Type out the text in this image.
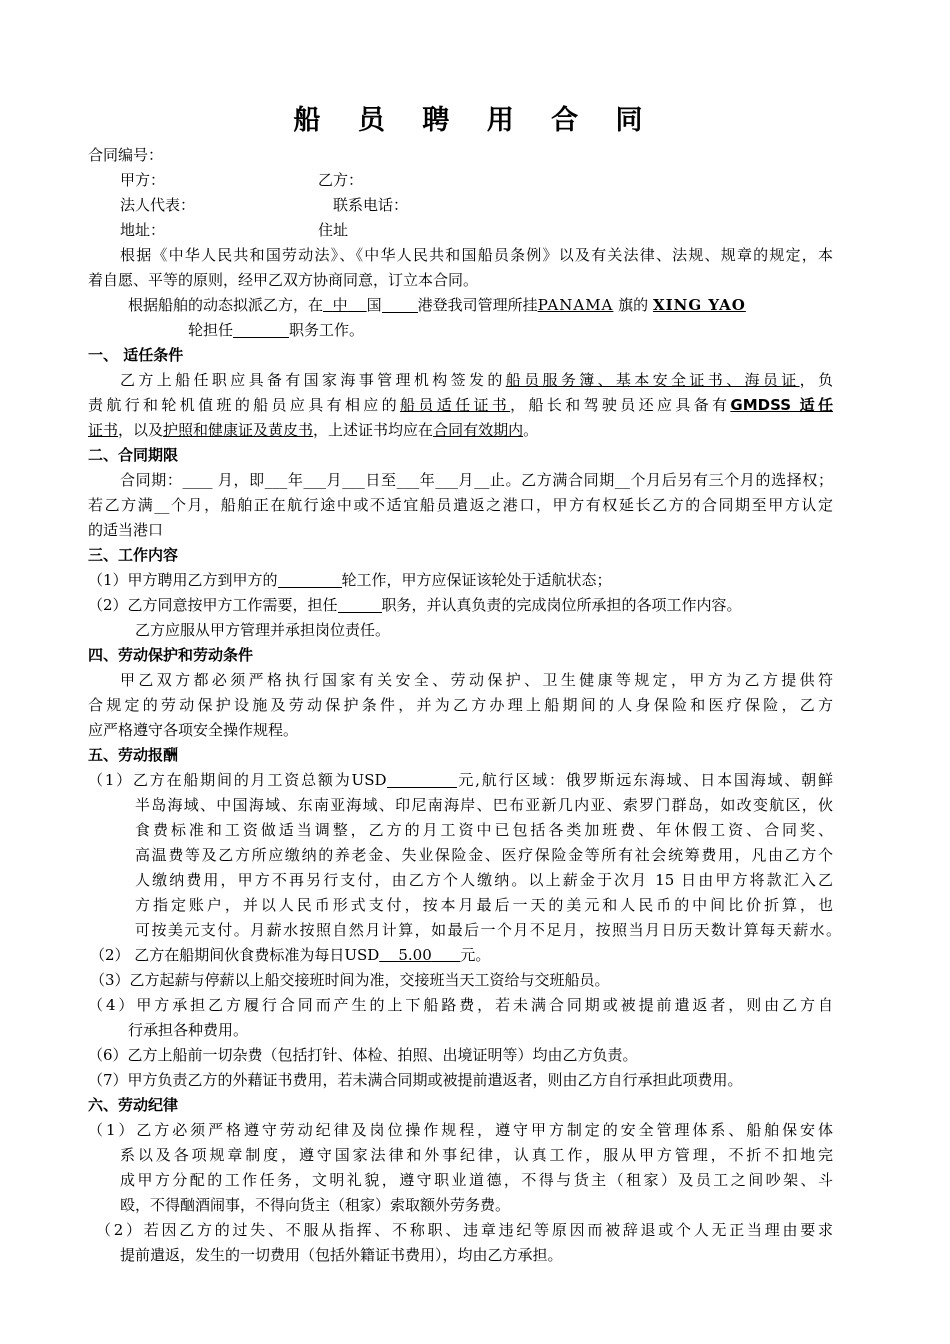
船 员 聘 用 合 同
合同编号：
甲方：	乙方：
法人代表：	联系电话：
地址：	住址
根据《中华人民共和国劳动法》、《中华人民共和国船员条例》以及有关法律、法规、规章的规定，本
着自愿、平等的原则，经甲乙双方协商同意，订立本合同。
根据船舶的动态拟派乙方，在 中 国 港登我司管理所挂PANAMA 旗的 XING YAO
轮担任	职务工作。
一、 适任条件
乙方上船任职应具备有国家海事管理机构签发的船员服务簿、基本安全证书、海员证，负
责航行和轮机值班的船员应具有相应的船员适任证书，船长和驾驶员还应具备有GMDSS 适任
证书，以及护照和健康证及黄皮书，上述证书均应在合同有效期内。
二、合同期限
合同期：____ 月，即___年___月___日至___年___月__止。乙方满合同期__个月后另有三个月的选择权；
若乙方满__个月，船舶正在航行途中或不适宜船员遣返之港口，甲方有权延长乙方的合同期至甲方认定
的适当港口
三、工作内容
（1）甲方聘用乙方到甲方的	轮工作，甲方应保证该轮处于适航状态；
（2）乙方同意按甲方工作需要，担任	职务，并认真负责的完成岗位所承担的各项工作内容。
乙方应服从甲方管理并承担岗位责任。
四、劳动保护和劳动条件
甲乙双方都必须严格执行国家有关安全、劳动保护、卫生健康等规定，甲方为乙方提供符
合规定的劳动保护设施及劳动保护条件，并为乙方办理上船期间的人身保险和医疗保险，乙方
应严格遵守各项安全操作规程。
五、劳动报酬
（1）乙方在船期间的月工资总额为USD	元,航行区域：俄罗斯远东海域、日本国海域、朝鲜
半岛海域、中国海域、东南亚海域、印尼南海岸、巴布亚新几内亚、索罗门群岛，如改变航区，伙
食费标准和工资做适当调整，乙方的月工资中已包括各类加班费、年休假工资、合同奖、
高温费等及乙方所应缴纳的养老金、失业保险金、医疗保险金等所有社会统筹费用，凡由乙方个
人缴纳费用，甲方不再另行支付，由乙方个人缴纳。以上薪金于次月 15 日由甲方将款汇入乙
方指定账户，并以人民币形式支付，按本月最后一天的美元和人民币的中间比价折算，也
可按美元支付。月薪水按照自然月计算，如最后一个月不足月，按照当月日历天数计算每天薪水。
（2） 乙方在船期间伙食费标准为每日USD 5.00 元。
（3）乙方起薪与停薪以上船交接班时间为准，交接班当天工资给与交班船员。
（4）甲方承担乙方履行合同而产生的上下船路费，若未满合同期或被提前遣返者，则由乙方自
行承担各种费用。
（6）乙方上船前一切杂费（包括打针、体检、拍照、出境证明等）均由乙方负责。
（7）甲方负责乙方的外藉证书费用，若未满合同期或被提前遣返者，则由乙方自行承担此项费用。
六、劳动纪律
（1）乙方必须严格遵守劳动纪律及岗位操作规程，遵守甲方制定的安全管理体系、船舶保安体
系以及各项规章制度，遵守国家法律和外事纪律，认真工作，服从甲方管理，不折不扣地完
成甲方分配的工作任务，文明礼貌，遵守职业道德，不得与货主（租家）及员工之间吵架、斗
殴，不得酗酒闹事，不得向货主（租家）索取额外劳务费。
（2）若因乙方的过失、不服从指挥、不称职、违章违纪等原因而被辞退或个人无正当理由要求
提前遣返，发生的一切费用（包括外籍证书费用），均由乙方承担。
